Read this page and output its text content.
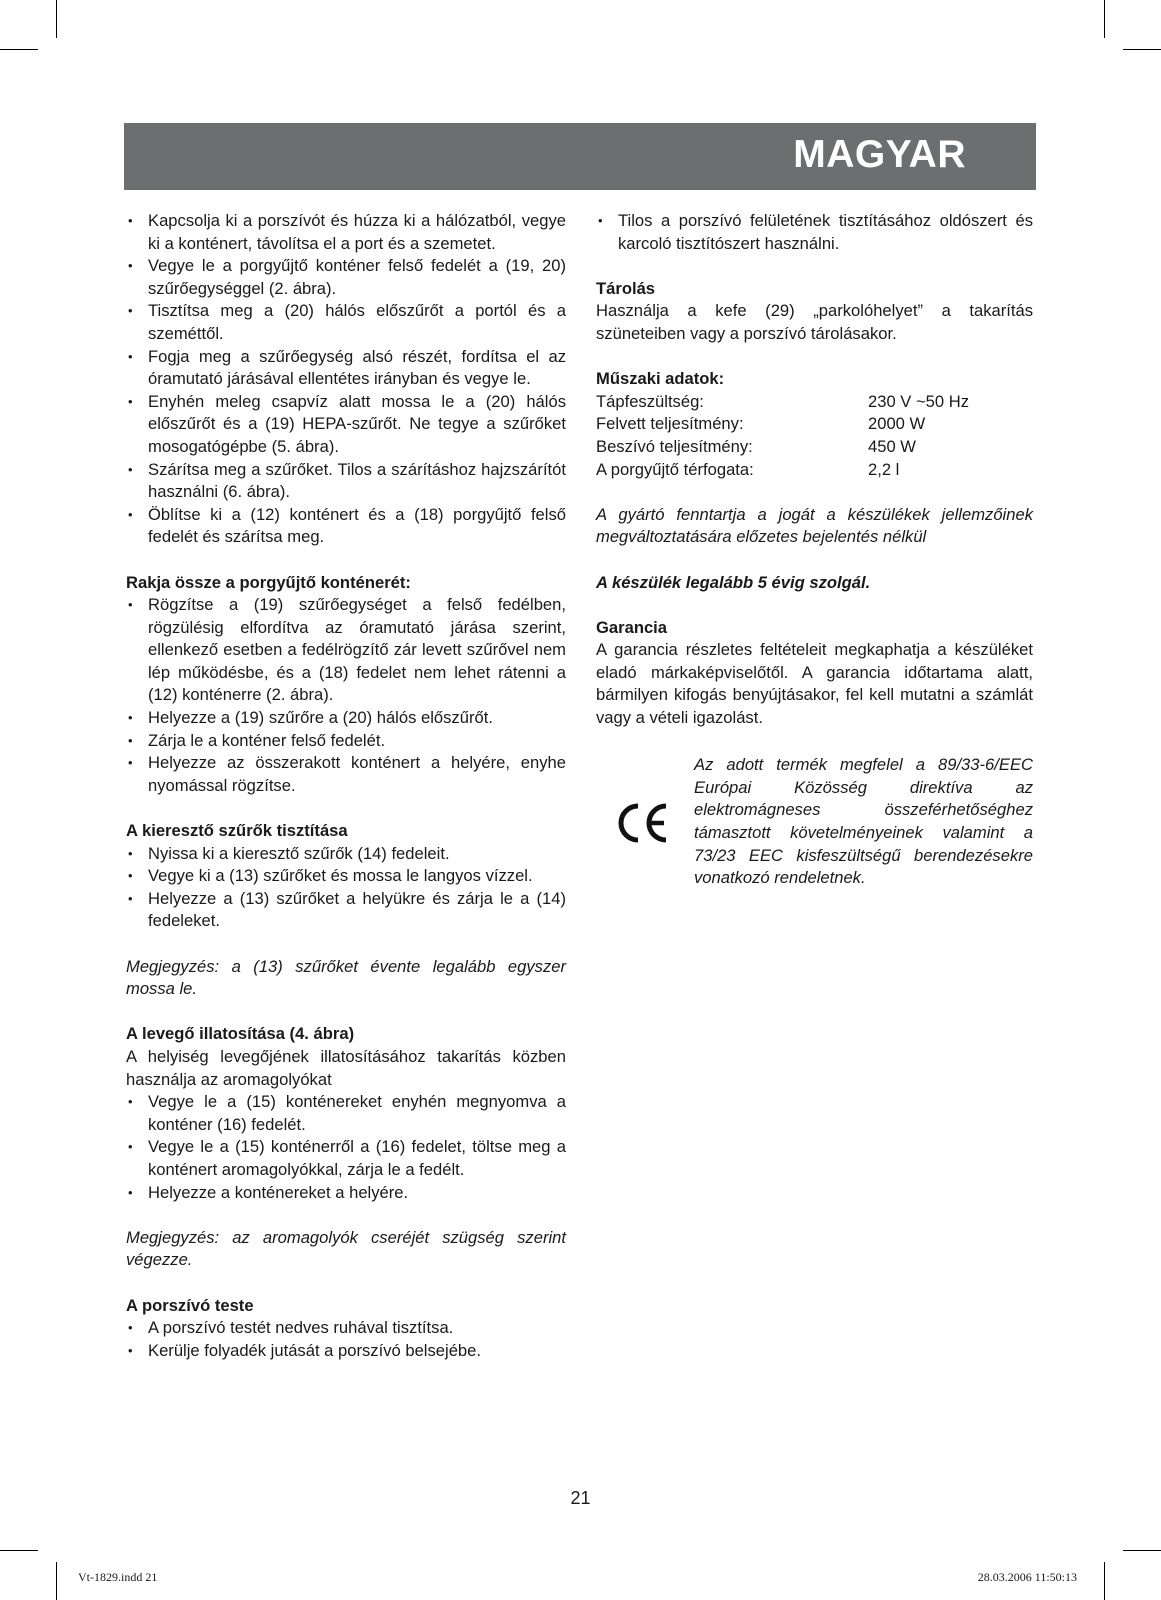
MAGYAR
• Kapcsolja ki a porszívót és húzza ki a hálózatból, vegye ki a konténert, távolítsa el a port és a szemetet.
• Vegye le a porgyűjtő konténer felső fedelét a (19, 20) szűrőegységgel (2. ábra).
• Tisztítsa meg a (20) hálós előszűrőt a portól és a szeméttől.
• Fogja meg a szűrőegység alsó részét, fordítsa el az óramutató járásával ellentétes irányban és vegye le.
• Enyhén meleg csapvíz alatt mossa le a (20) hálós előszűrőt és a (19) HEPA-szűrőt. Ne tegye a szűrőket mosogatógépbe (5. ábra).
• Szárítsa meg a szűrőket. Tilos a szárításhoz hajzszárítót használni (6. ábra).
• Öblítse ki a (12) konténert és a (18) porgyűjtő felső fedelét és szárítsa meg.

Rakja össze a porgyűjtő konténerét:

• Rögzítse a (19) szűrőegységet a felső fedélben, rögzülésig elfordítva az óramutató járása szerint, ellenkező esetben a fedélrögzítő zár levett szűrővel nem lép működésbe, és a (18) fedelet nem lehet rátenni a (12) konténerre (2. ábra).
• Helyezze a (19) szűrőre a (20) hálós előszűrőt.
• Zárja le a konténer felső fedelét.
• Helyezze az összerakott konténert a helyére, enyhe nyomással rögzítse.

A kieresztő szűrők tisztítása

• Nyissa ki a kieresztő szűrők (14) fedeleit.
• Vegye ki a (13) szűrőket és mossa le langyos vízzel.
• Helyezze a (13) szűrőket a helyükre és zárja le a (14) fedeleket.

Megjegyzés: a (13) szűrőket évente legalább egyszer mossa le.

A levegő illatosítása (4. ábra)

A helyiség levegőjének illatosításához takarítás közben használja az aromagolyókat

• Vegye le a (15) konténereket enyhén megnyomva a konténer (16) fedelét.
• Vegye le a (15) konténerről a (16) fedelet, töltse meg a konténert aromagolyókkal, zárja le a fedélt.
• Helyezze a konténereket a helyére.

Megjegyzés: az aromagolyók cseréjét szügség szerint végezze.

A porszívó teste

• A porszívó testét nedves ruhával tisztítsa.
• Kerülje folyadék jutását a porszívó belsejébe.
• Tilos a porszívó felületének tisztításához oldószert és karcoló tisztítószert használni.

Tárolás

Használja a kefe (29) „parkolóhelyet” a takarítás szüneteiben vagy a porszívó tárolásakor.

Műszaki adatok:

Tápfeszültség:	230 V ~50 Hz
Felvett teljesítmény:	2000 W
Beszívó teljesítmény:	450 W
A porgyűjtő térfogata:	2,2 l

A gyártó fenntartja a jogát a készülékek jellemzőinek megváltoztatására előzetes bejelentés nélkül

A készülék legalább 5 évig szolgál.

Garancia

A garancia részletes feltételeit megkaphatja a készüléket eladó márkaképviselőtől. A garancia időtartama alatt, bármilyen kifogás benyújtásakor, fel kell mutatni a számlát vagy a vételi igazolást.

Az adott termék megfelel a 89/33-6/EEC Európai Közösség direktíva az elektromágneses összeférhetőséghez támasztott követelményeinek valamint a 73/23 EEC kisfeszültségű berendezésekre vonatkozó rendeletnek.

21
Vt-1829.indd 21	28.03.2006 11:50:13
